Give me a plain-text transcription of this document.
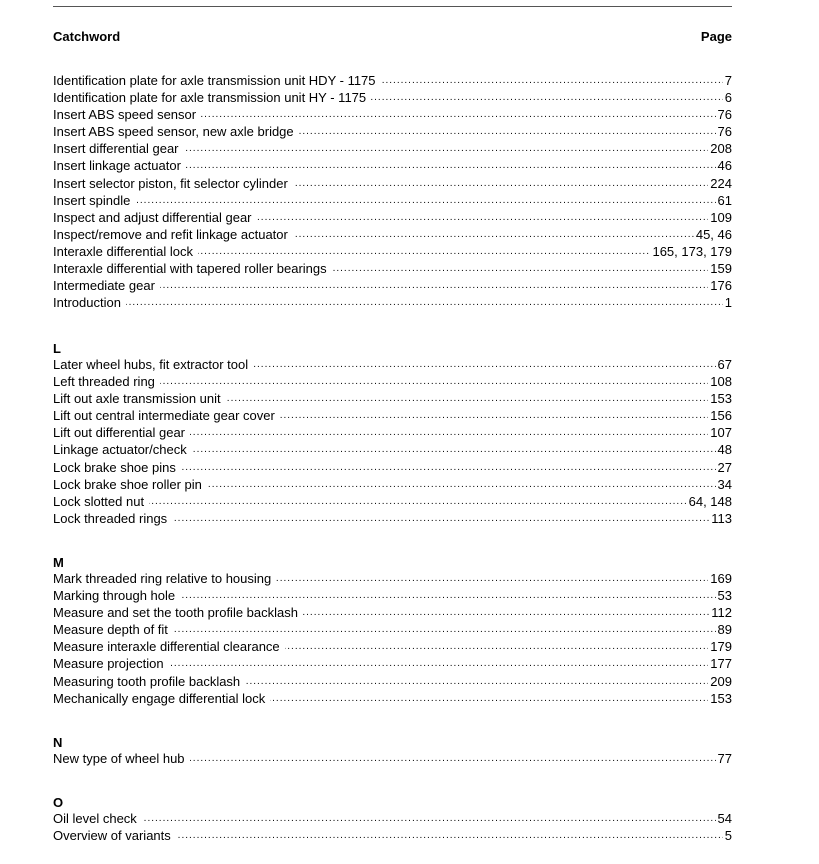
Catchword	Page
.....
Identification plate for axle transmission unit HDY - 1175	7
.....
Identification plate for axle transmission unit HY - 1175	6
.....
Insert ABS speed sensor	76
.....
Insert ABS speed sensor, new axle bridge	76
.....
Insert differential gear	208
.....
Insert linkage actuator	46
.....
Insert selector piston, fit selector cylinder	224
.....
Insert spindle	61
.....
Inspect and adjust differential gear	109
.....
Inspect/remove and refit linkage actuator	45, 46
.....
Interaxle differential lock	165, 173, 179
.....
Interaxle differential with tapered roller bearings	159
.....
Intermediate gear	176
.....
Introduction	1
L
.....
Later wheel hubs, fit extractor tool	67
.....
Left threaded ring	108
.....
Lift out axle transmission unit	153
.....
Lift out central intermediate gear cover	156
.....
Lift out differential gear	107
.....
Linkage actuator/check	48
.....
Lock brake shoe pins	27
.....
Lock brake shoe roller pin	34
.....
Lock slotted nut	64, 148
.....
Lock threaded rings	113
M
.....
Mark threaded ring relative to housing	169
.....
Marking through hole	53
.....
Measure and set the tooth profile backlash	112
.....
Measure depth of fit	89
.....
Measure interaxle differential clearance	179
.....
Measure projection	177
.....
Measuring tooth profile backlash	209
.....
Mechanically engage differential lock	153
N
.....
New type of wheel hub	77
O
.....
Oil level check	54
.....
Overview of variants	5
